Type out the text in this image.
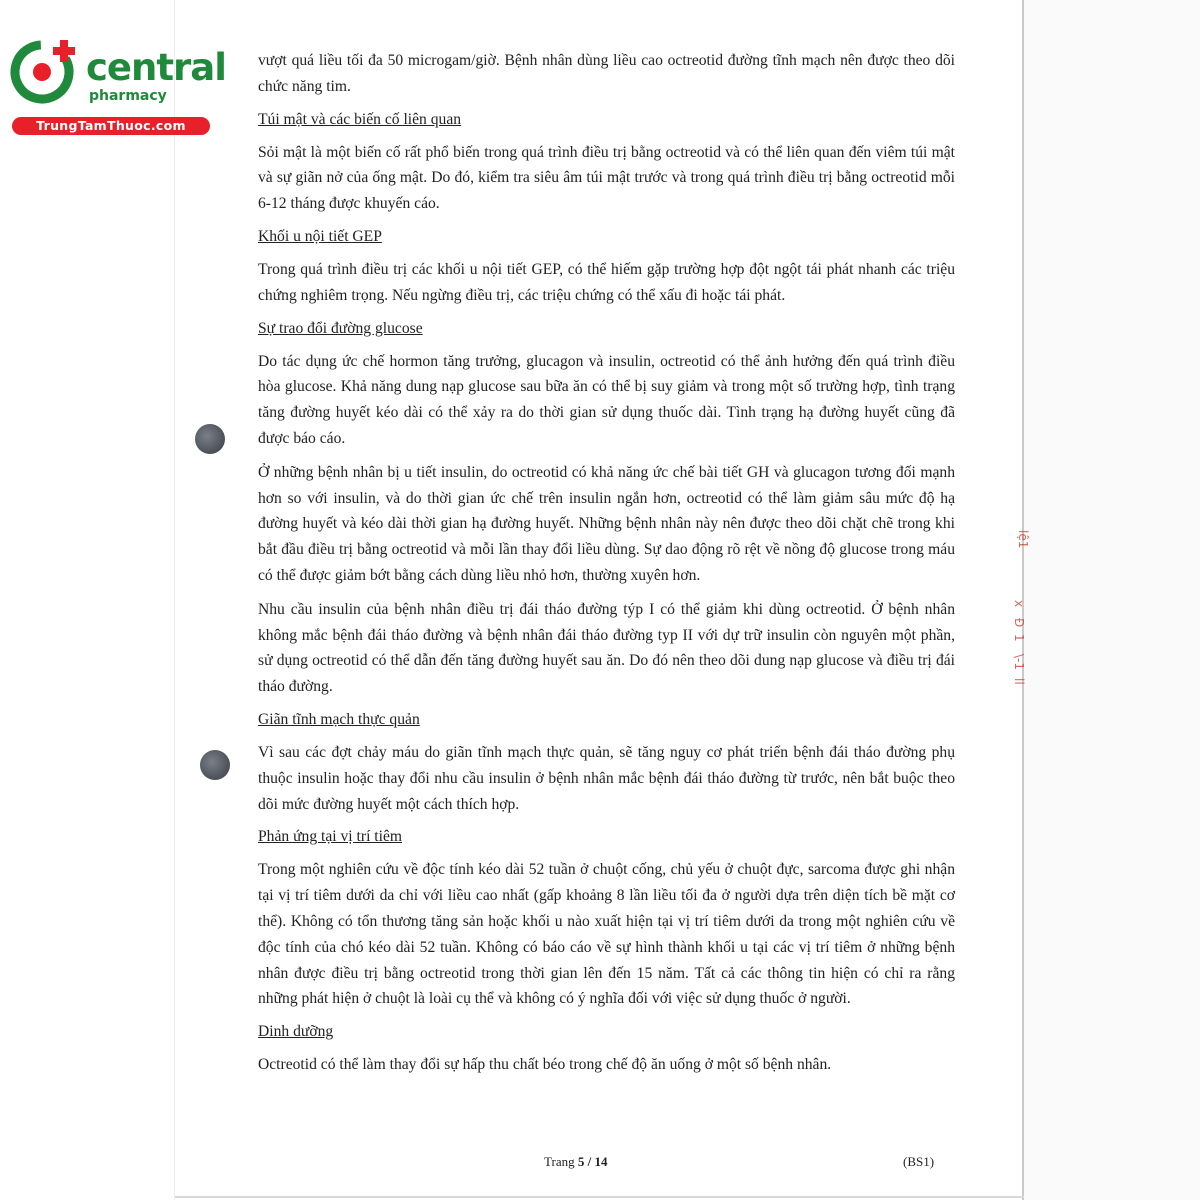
central
pharmacy
TrungTamThuoc.com
lệ1
x
Đ
1
\-1
ll

vượt quá liều tối đa 50 microgam/giờ. Bệnh nhân dùng liều cao octreotid đường tĩnh mạch nên được theo dõi chức năng tim.

Túi mật và các biến cố liên quan

Sỏi mật là một biến cố rất phổ biến trong quá trình điều trị bằng octreotid và có thể liên quan đến viêm túi mật và sự giãn nở của ống mật. Do đó, kiểm tra siêu âm túi mật trước và trong quá trình điều trị bằng octreotid mỗi 6-12 tháng được khuyến cáo.

Khối u nội tiết GEP

Trong quá trình điều trị các khối u nội tiết GEP, có thể hiếm gặp trường hợp đột ngột tái phát nhanh các triệu chứng nghiêm trọng. Nếu ngừng điều trị, các triệu chứng có thể xấu đi hoặc tái phát.

Sự trao đổi đường glucose

Do tác dụng ức chế hormon tăng trưởng, glucagon và insulin, octreotid có thể ảnh hưởng đến quá trình điều hòa glucose. Khả năng dung nạp glucose sau bữa ăn có thể bị suy giảm và trong một số trường hợp, tình trạng tăng đường huyết kéo dài có thể xảy ra do thời gian sử dụng thuốc dài. Tình trạng hạ đường huyết cũng đã được báo cáo.

Ở những bệnh nhân bị u tiết insulin, do octreotid có khả năng ức chế bài tiết GH và glucagon tương đối mạnh hơn so với insulin, và do thời gian ức chế trên insulin ngắn hơn, octreotid có thể làm giảm sâu mức độ hạ đường huyết và kéo dài thời gian hạ đường huyết. Những bệnh nhân này nên được theo dõi chặt chẽ trong khi bắt đầu điều trị bằng octreotid và mỗi lần thay đổi liều dùng. Sự dao động rõ rệt về nồng độ glucose trong máu có thể được giảm bớt bằng cách dùng liều nhỏ hơn, thường xuyên hơn.

Nhu cầu insulin của bệnh nhân điều trị đái tháo đường týp I có thể giảm khi dùng octreotid. Ở bệnh nhân không mắc bệnh đái tháo đường và bệnh nhân đái tháo đường typ II với dự trữ insulin còn nguyên một phần, sử dụng octreotid có thể dẫn đến tăng đường huyết sau ăn. Do đó nên theo dõi dung nạp glucose và điều trị đái tháo đường.

Giãn tĩnh mạch thực quản

Vì sau các đợt chảy máu do giãn tĩnh mạch thực quản, sẽ tăng nguy cơ phát triển bệnh đái tháo đường phụ thuộc insulin hoặc thay đổi nhu cầu insulin ở bệnh nhân mắc bệnh đái tháo đường từ trước, nên bắt buộc theo dõi mức đường huyết một cách thích hợp.

Phản ứng tại vị trí tiêm

Trong một nghiên cứu về độc tính kéo dài 52 tuần ở chuột cống, chủ yếu ở chuột đực, sarcoma được ghi nhận tại vị trí tiêm dưới da chỉ với liều cao nhất (gấp khoảng 8 lần liều tối đa ở người dựa trên diện tích bề mặt cơ thể). Không có tổn thương tăng sản hoặc khối u nào xuất hiện tại vị trí tiêm dưới da trong một nghiên cứu về độc tính của chó kéo dài 52 tuần. Không có báo cáo về sự hình thành khối u tại các vị trí tiêm ở những bệnh nhân được điều trị bằng octreotid trong thời gian lên đến 15 năm. Tất cả các thông tin hiện có chỉ ra rằng những phát hiện ở chuột là loài cụ thể và không có ý nghĩa đối với việc sử dụng thuốc ở người.

Dinh dưỡng

Octreotid có thể làm thay đổi sự hấp thu chất béo trong chế độ ăn uống ở một số bệnh nhân.

Trang 5 / 14	(BS1)
